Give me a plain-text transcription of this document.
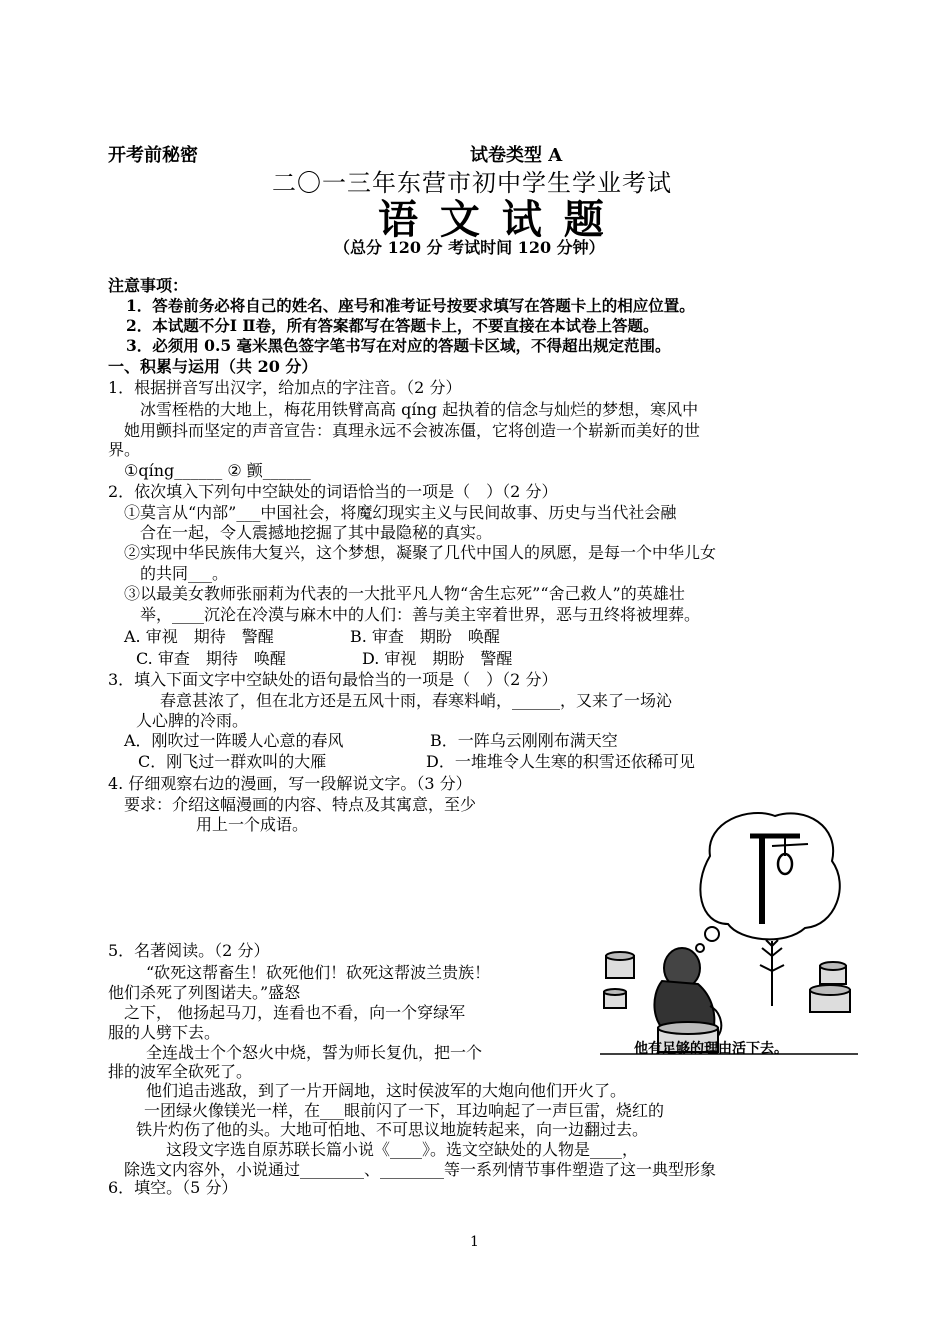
开考前秘密	试卷类型 A
二〇一三年东营市初中学生学业考试
语 文 试 题
（总分 120 分 考试时间 120 分钟）
注意事项：
1．答卷前务必将自己的姓名、座号和准考证号按要求填写在答题卡上的相应位置。
2．本试题不分Ⅰ Ⅱ卷，所有答案都写在答题卡上，不要直接在本试卷上答题。
3．必须用 0.5 毫米黑色签字笔书写在对应的答题卡区域，不得超出规定范围。
一、积累与运用（共 20 分）
1．根据拼音写出汉字，给加点的字注音。（2 分）
冰雪桎梏的大地上，梅花用铁臂高高 qíng 起执着的信念与灿烂的梦想，寒风中
她用颤抖而坚定的声音宣告：真理永远不会被冻僵，它将创造一个崭新而美好的世
界。
①qíng______ ② 颤______
2．依次填入下列句中空缺处的词语恰当的一项是（　）（2 分）
①莫言从“内部”___中国社会，将魔幻现实主义与民间故事、历史与当代社会融
合在一起，令人震撼地挖掘了其中最隐秘的真实。
②实现中华民族伟大复兴，这个梦想，凝聚了几代中国人的夙愿，是每一个中华儿女
的共同___。
③以最美女教师张丽莉为代表的一大批平凡人物“舍生忘死”“舍己救人”的英雄壮
举，____沉沦在冷漠与麻木中的人们：善与美主宰着世界，恶与丑终将被埋葬。
A. 审视　期待　警醒	B. 审查　期盼　唤醒
C. 审查　期待　唤醒	D. 审视　期盼　警醒
3．填入下面文字中空缺处的语句最恰当的一项是（　）（2 分）
春意甚浓了，但在北方还是五风十雨，春寒料峭，______，又来了一场沁
人心脾的冷雨。
A．刚吹过一阵暖人心意的春风	B．一阵乌云刚刚布满天空
C．刚飞过一群欢叫的大雁	D．一堆堆令人生寒的积雪还依稀可见
4. 仔细观察右边的漫画，写一段解说文字。（3 分）
要求：介绍这幅漫画的内容、特点及其寓意，至少
用上一个成语。
他有足够的理由活下去。
5．名著阅读。（2 分）
“砍死这帮畜生！砍死他们！砍死这帮波兰贵族！
他们杀死了列图诺夫。”盛怒
之下， 他扬起马刀，连看也不看，向一个穿绿军
服的人劈下去。
全连战士个个怒火中烧，誓为师长复仇，把一个
排的波军全砍死了。
他们追击逃敌，到了一片开阔地，这时侯波军的大炮向他们开火了。
一团绿火像镁光一样，在___眼前闪了一下，耳边响起了一声巨雷，烧红的
铁片灼伤了他的头。大地可怕地、不可思议地旋转起来，向一边翻过去。
这段文字选自原苏联长篇小说《____》。选文空缺处的人物是____，
除选文内容外，小说通过________、________等一系列情节事件塑造了这一典型形象
6．填空。（5 分）
1
